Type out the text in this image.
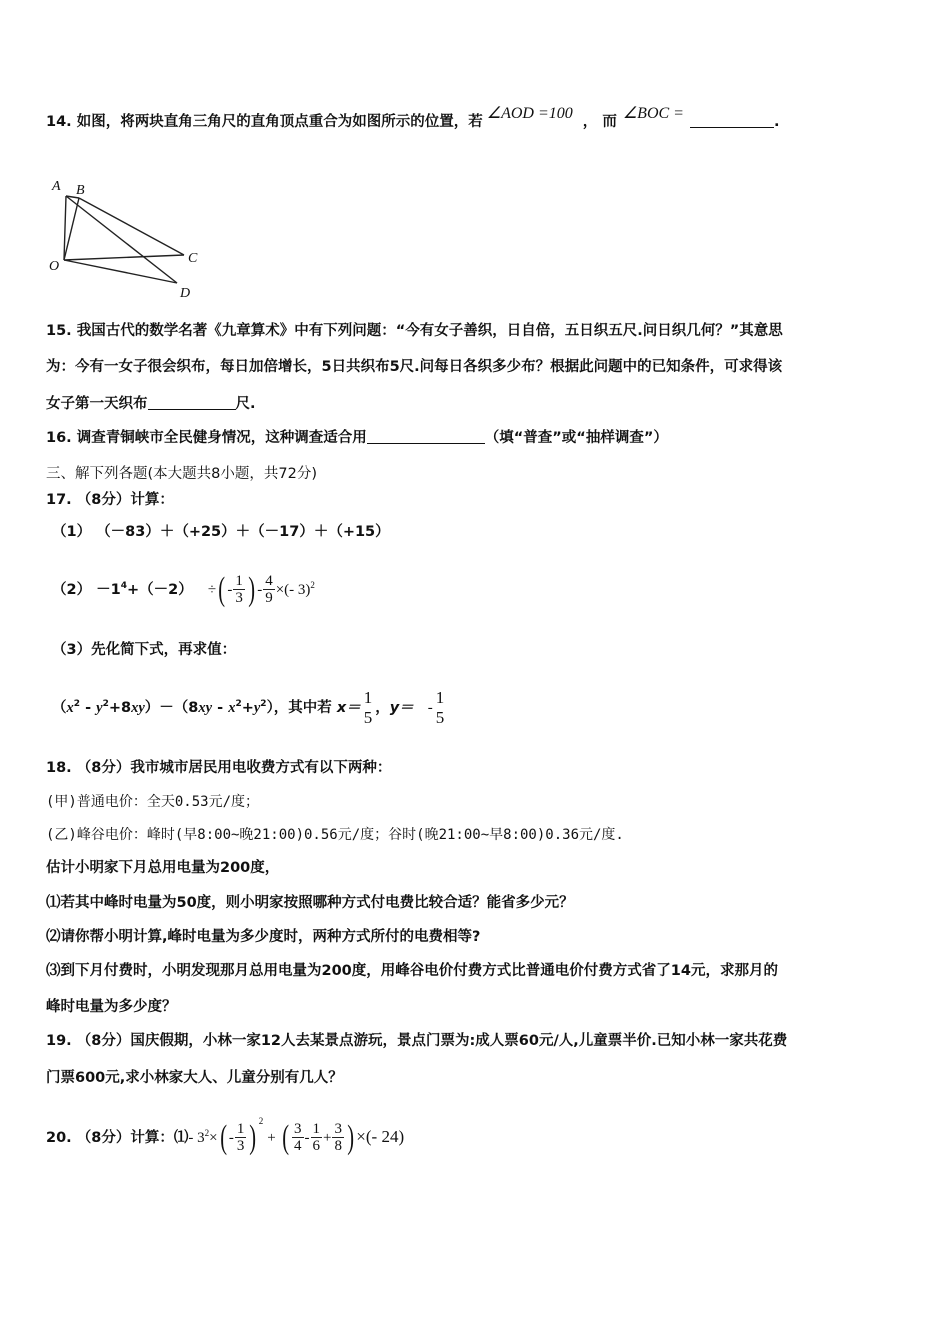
14. 如图，将两块直角三角尺的直角顶点重合为如图所示的位置，若 ∠AOD =100 ， 而 ∠BOC =	.
A B
C
O
D
15. 我国古代的数学名著《九章算术》中有下列问题：“今有女子善织，日自倍，五日织五尺.问日织几何？”其意思
为：今有一女子很会织布，每日加倍增长，5日共织布5尺.问每日各织多少布？根据此问题中的已知条件，可求得该
女子第一天织布	尺.
16. 调查青铜峡市全民健身情况，这种调查适合用	（填“普查”或“抽样调查”）
三、解下列各题(本大题共8小题，共72分)
17. （8分）计算：
（1） （－83）＋（+25）＋（－17）＋（+15）
$(2) -1^4+(-2)$ ÷( - $\frac{1}{3}$ ) - $\frac{4}{9}$ ×(- 3)$^2$
（3）先化简下式，再求值：
$(x^2 - y^2+8xy)-(8xy - x^2+y^2)$，其中若 x＝
1
5 ，y＝ -
1
5
18. （8分）我市城市居民用电收费方式有以下两种：
(甲)普通电价：全天0.53元/度；
(乙)峰谷电价：峰时(早8:00~晚21:00)0.56元/度；谷时(晚21:00~早8:00)0.36元/度.
估计小明家下月总用电量为200度，
⑴若其中峰时电量为50度，则小明家按照哪种方式付电费比较合适？能省多少元？
⑵请你帮小明计算,峰时电量为多少度时，两种方式所付的电费相等?
⑶到下月付费时，小明发现那月总用电量为200度，用峰谷电价付费方式比普通电价付费方式省了14元，求那月的
峰时电量为多少度？
19. （8分）国庆假期，小林一家12人去某景点游玩，景点门票为:成人票60元/人,儿童票半价.已知小林一家共花费
门票600元,求小林家大人、儿童分别有几人？
20. （8分）计算：⑴- $3^2\times( - \frac{1}{3}$ ) $^2$+ ( $\frac{3}{4} - \frac{1}{6} + \frac{3}{8}$ ) ×(- 24)
